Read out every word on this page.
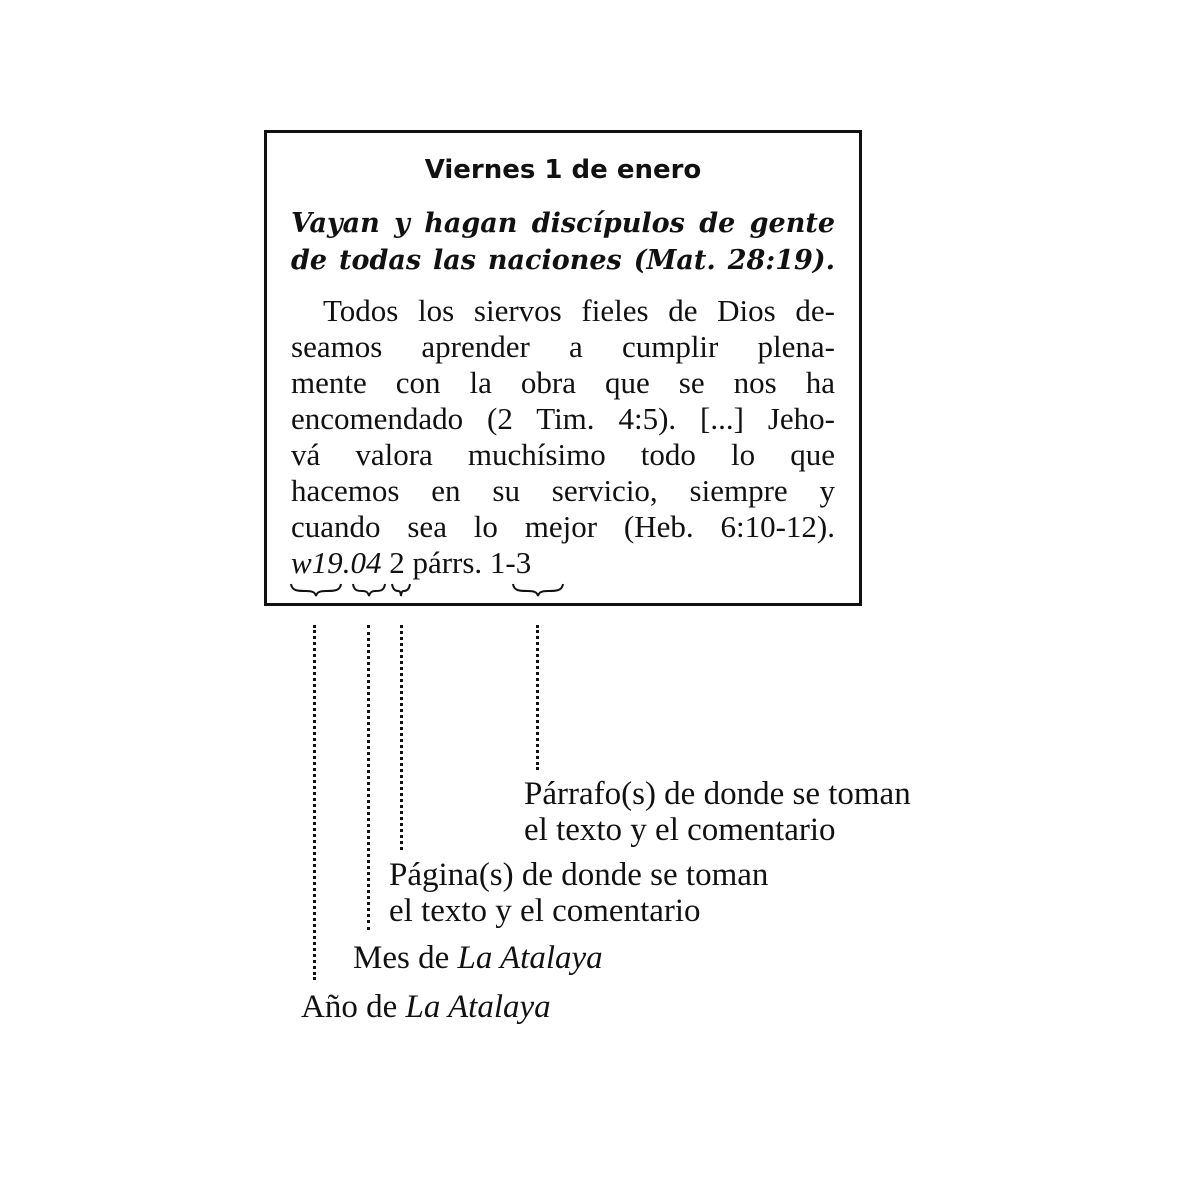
Viernes 1 de enero
Vayan y hagan discípulos de gente
de todas las naciones (Mat. 28:19).
Todos los siervos fieles de Dios de-
seamos aprender a cumplir plena-
mente con la obra que se nos ha
encomendado (2 Tim. 4:5). [...] Jeho-
vá valora muchísimo todo lo que
hacemos en su servicio, siempre y
cuando sea lo mejor (Heb. 6:10-12).
w19.04 2 párrs. 1-3
Párrafo(s) de donde se toman
el texto y el comentario
Página(s) de donde se toman
el texto y el comentario
Mes de La Atalaya
Año de La Atalaya
